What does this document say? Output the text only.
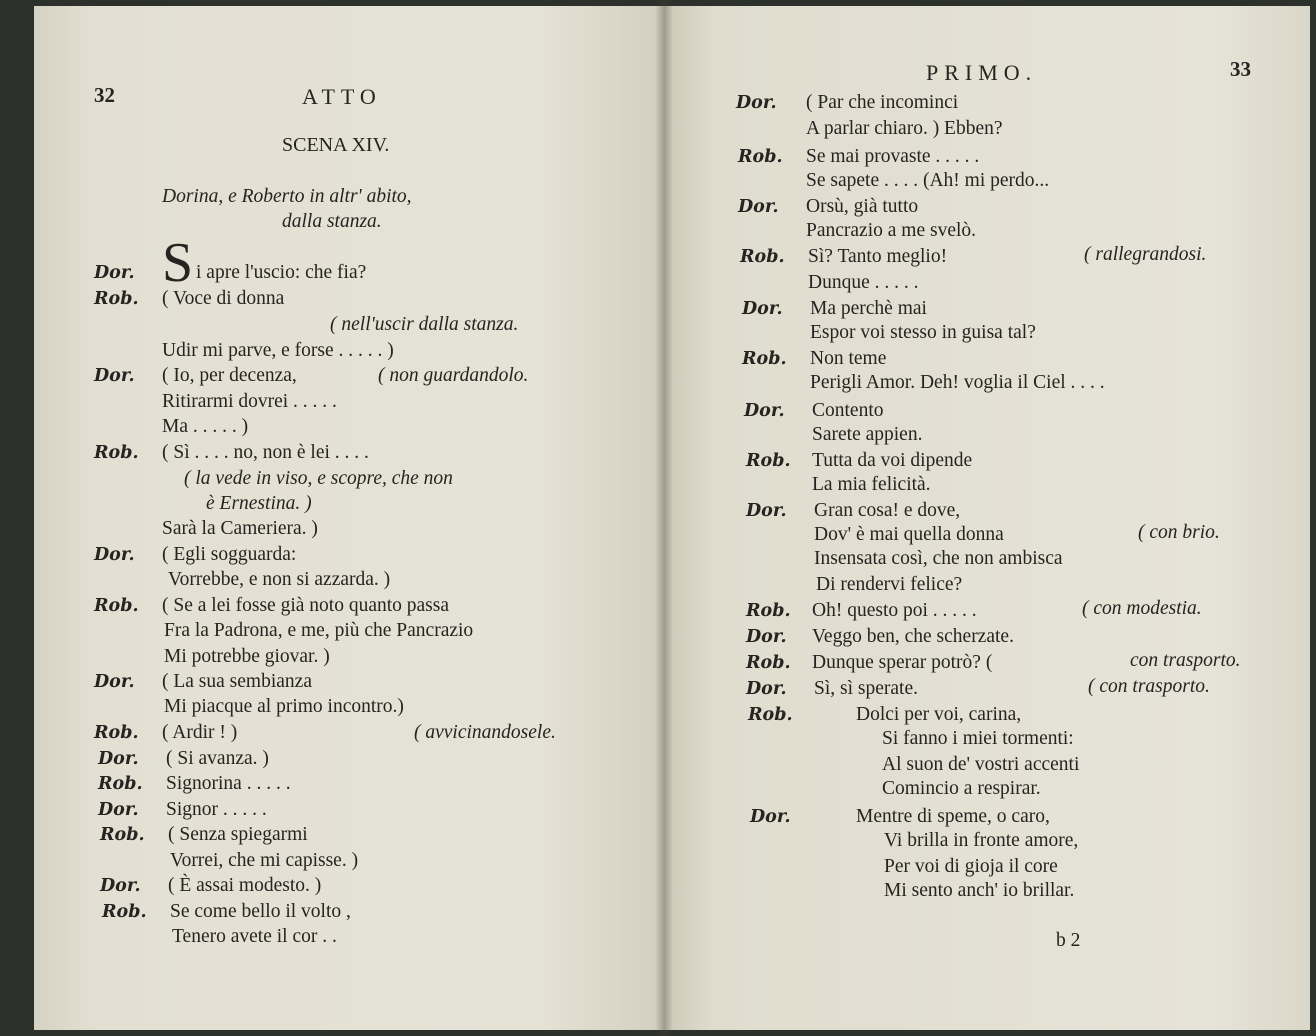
32	ATTO
SCENA XIV.
Dorina, e Roberto in altr' abito,
dalla stanza.
S
Dor.	i apre l'uscio: che fia?
Rob. ( Voce di donna
( nell'uscir dalla stanza.
Udir mi parve, e forse . . . . . )
Dor. ( Io, per decenza,	( non guardandolo.
Ritirarmi dovrei . . . . .
Ma . . . . . )
Rob. ( Sì . . . . no, non è lei . . . .
( la vede in viso, e scopre, che non
è Ernestina. )
Sarà la Cameriera. )
Dor. ( Egli sogguarda:
Vorrebbe, e non si azzarda. )
Rob. ( Se a lei fosse già noto quanto passa
Fra la Padrona, e me, più che Pancrazio
Mi potrebbe giovar. )
Dor. ( La sua sembianza
Mi piacque al primo incontro.)
Rob. ( Ardir ! )	( avvicinandosele.
Dor. ( Si avanza. )
Rob. Signorina . . . . .
Dor. Signor . . . . .
Rob. ( Senza spiegarmi
Vorrei, che mi capisse. )
Dor. ( È assai modesto. )
Rob. Se come bello il volto ,
Tenero avete il cor . .
PRIMO.	33
Dor. ( Par che incominci
A parlar chiaro. ) Ebben?
Rob. Se mai provaste . . . . .
Se sapete . . . . (Ah! mi perdo...
Dor. Orsù, già tutto
Pancrazio a me svelò.
Rob. Sì? Tanto meglio!	( rallegrandosi.
Dunque . . . . .
Dor. Ma perchè mai
Espor voi stesso in guisa tal?
Rob. Non teme
Perigli Amor. Deh! voglia il Ciel . . . .
Dor. Contento
Sarete appien.
Rob. Tutta da voi dipende
La mia felicità.
Dor. Gran cosa! e dove,
Dov' è mai quella donna	( con brio.
Insensata così, che non ambisca
Di rendervi felice?
Rob. Oh! questo poi . . . . .	( con modestia.
Dor. Veggo ben, che scherzate.
Rob. Dunque sperar potrò? (	con trasporto.
Dor. Sì, sì sperate.	( con trasporto.
Rob.	Dolci per voi, carina,
Si fanno i miei tormenti:
Al suon de' vostri accenti
Comincio a respirar.
Dor.	Mentre di speme, o caro,
Vi brilla in fronte amore,
Per voi di gioja il core
Mi sento anch' io brillar.
b 2
